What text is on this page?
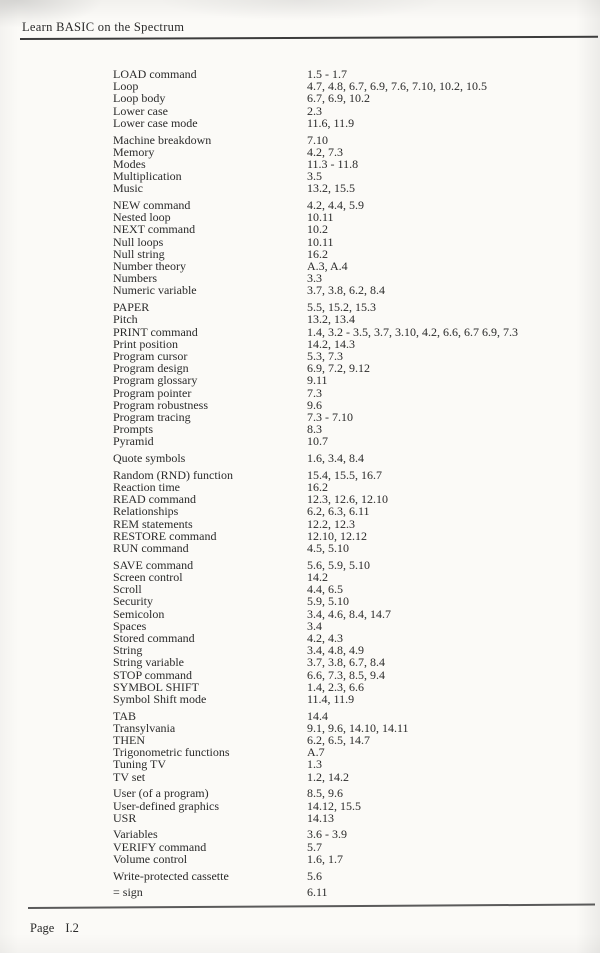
Learn BASIC on the Spectrum
LOAD command	1.5 - 1.7
Loop	4.7, 4.8, 6.7, 6.9, 7.6, 7.10, 10.2, 10.5
Loop body	6.7, 6.9, 10.2
Lower case	2.3
Lower case mode	11.6, 11.9
Machine breakdown	7.10
Memory	4.2, 7.3
Modes	11.3 - 11.8
Multiplication	3.5
Music	13.2, 15.5
NEW command	4.2, 4.4, 5.9
Nested loop	10.11
NEXT command	10.2
Null loops	10.11
Null string	16.2
Number theory	A.3, A.4
Numbers	3.3
Numeric variable	3.7, 3.8, 6.2, 8.4
PAPER	5.5, 15.2, 15.3
Pitch	13.2, 13.4
PRINT command	1.4, 3.2 - 3.5, 3.7, 3.10, 4.2, 6.6, 6.7 6.9, 7.3
Print position	14.2, 14.3
Program cursor	5.3, 7.3
Program design	6.9, 7.2, 9.12
Program glossary	9.11
Program pointer	7.3
Program robustness	9.6
Program tracing	7.3 - 7.10
Prompts	8.3
Pyramid	10.7
Quote symbols	1.6, 3.4, 8.4
Random (RND) function	15.4, 15.5, 16.7
Reaction time	16.2
READ command	12.3, 12.6, 12.10
Relationships	6.2, 6.3, 6.11
REM statements	12.2, 12.3
RESTORE command	12.10, 12.12
RUN command	4.5, 5.10
SAVE command	5.6, 5.9, 5.10
Screen control	14.2
Scroll	4.4, 6.5
Security	5.9, 5.10
Semicolon	3.4, 4.6, 8.4, 14.7
Spaces	3.4
Stored command	4.2, 4.3
String	3.4, 4.8, 4.9
String variable	3.7, 3.8, 6.7, 8.4
STOP command	6.6, 7.3, 8.5, 9.4
SYMBOL SHIFT	1.4, 2.3, 6.6
Symbol Shift mode	11.4, 11.9
TAB	14.4
Transylvania	9.1, 9.6, 14.10, 14.11
THEN	6.2, 6.5, 14.7
Trigonometric functions	A.7
Tuning TV	1.3
TV set	1.2, 14.2
User (of a program)	8.5, 9.6
User-defined graphics	14.12, 15.5
USR	14.13
Variables	3.6 - 3.9
VERIFY command	5.7
Volume control	1.6, 1.7
Write-protected cassette	5.6
= sign	6.11
Page I.2
